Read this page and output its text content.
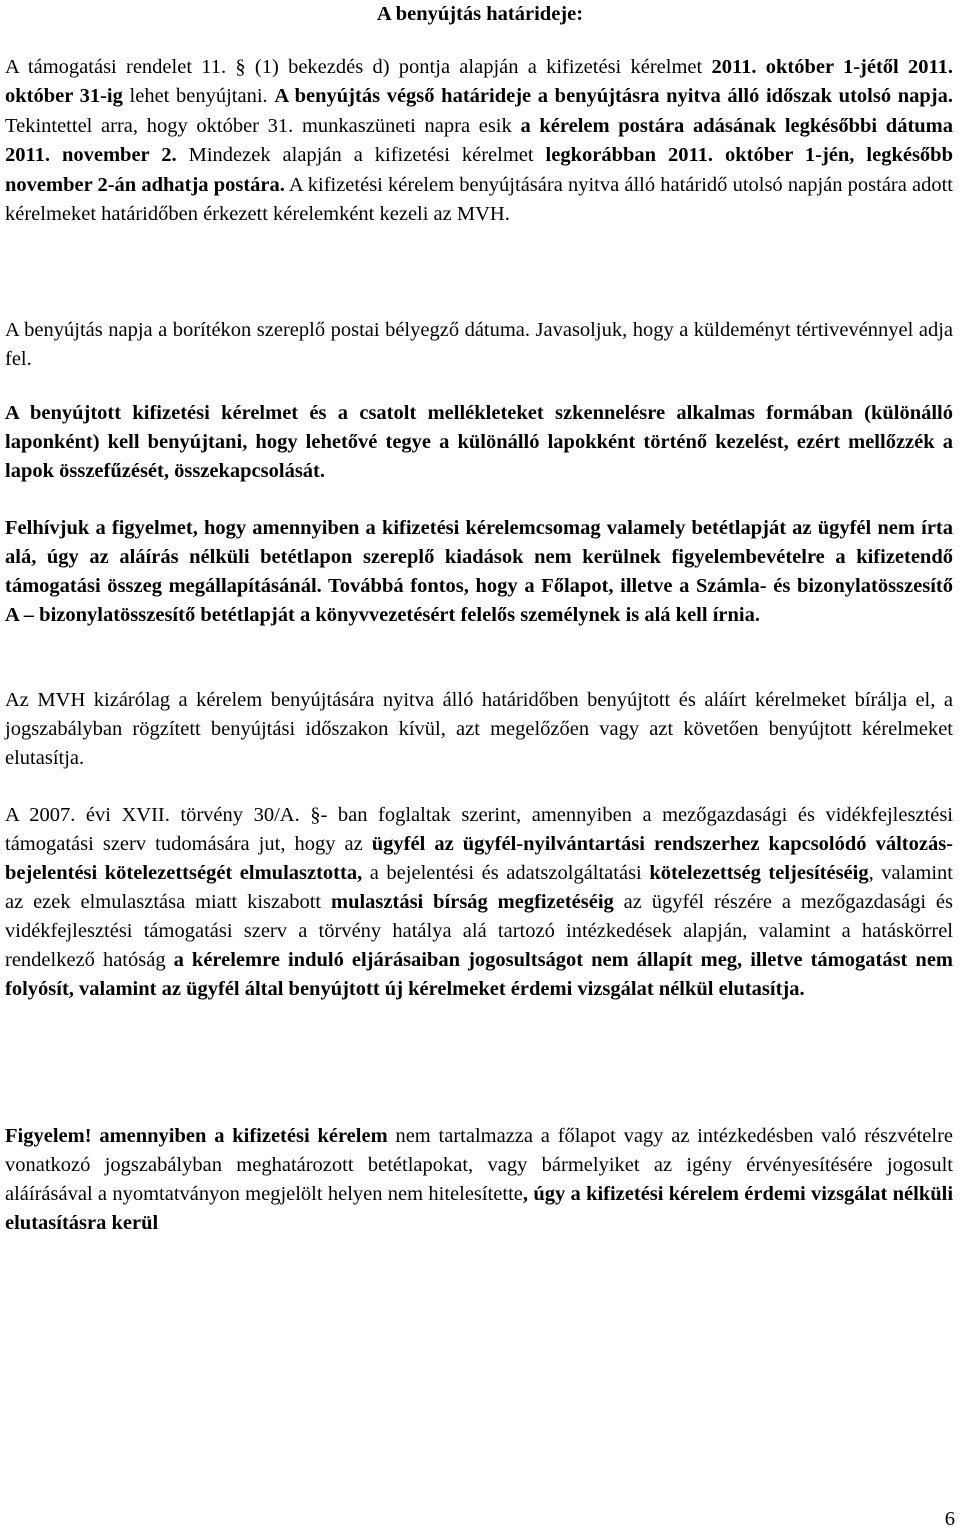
A benyújtás határideje:

A támogatási rendelet 11. § (1) bekezdés d) pontja alapján a kifizetési kérelmet 2011. október 1-jétől 2011. október 31-ig lehet benyújtani. A benyújtás végső határideje a benyújtásra nyitva álló időszak utolsó napja. Tekintettel arra, hogy október 31. munkaszüneti napra esik a kérelem postára adásának legkésőbbi dátuma 2011. november 2. Mindezek alapján a kifizetési kérelmet legkorábban 2011. október 1-jén, legkésőbb november 2-án adhatja postára. A kifizetési kérelem benyújtására nyitva álló határidő utolsó napján postára adott kérelmeket határidőben érkezett kérelemként kezeli az MVH.

A benyújtás napja a borítékon szereplő postai bélyegző dátuma. Javasoljuk, hogy a küldeményt tértivevénnyel adja fel.

A benyújtott kifizetési kérelmet és a csatolt mellékleteket szkennelésre alkalmas formában (különálló laponként) kell benyújtani, hogy lehetővé tegye a különálló lapokként történő kezelést, ezért mellőzzék a lapok összefűzését, összekapcsolását.

Felhívjuk a figyelmet, hogy amennyiben a kifizetési kérelemcsomag valamely betétlapját az ügyfél nem írta alá, úgy az aláírás nélküli betétlapon szereplő kiadások nem kerülnek figyelembevételre a kifizetendő támogatási összeg megállapításánál. Továbbá fontos, hogy a Főlapot, illetve a Számla- és bizonylatösszesítő A – bizonylatösszesítő betétlapját a könyvvezetésért felelős személynek is alá kell írnia.

Az MVH kizárólag a kérelem benyújtására nyitva álló határidőben benyújtott és aláírt kérelmeket bírálja el, a jogszabályban rögzített benyújtási időszakon kívül, azt megelőzően vagy azt követően benyújtott kérelmeket elutasítja.

A 2007. évi XVII. törvény 30/A. §- ban foglaltak szerint, amennyiben a mezőgazdasági és vidékfejlesztési támogatási szerv tudomására jut, hogy az ügyfél az ügyfél-nyilvántartási rendszerhez kapcsolódó változás-bejelentési kötelezettségét elmulasztotta, a bejelentési és adatszolgáltatási kötelezettség teljesítéséig, valamint az ezek elmulasztása miatt kiszabott mulasztási bírság megfizetéséig az ügyfél részére a mezőgazdasági és vidékfejlesztési támogatási szerv a törvény hatálya alá tartozó intézkedések alapján, valamint a hatáskörrel rendelkező hatóság a kérelemre induló eljárásaiban jogosultságot nem állapít meg, illetve támogatást nem folyósít, valamint az ügyfél által benyújtott új kérelmeket érdemi vizsgálat nélkül elutasítja.

Figyelem! amennyiben a kifizetési kérelem nem tartalmazza a főlapot vagy az intézkedésben való részvételre vonatkozó jogszabályban meghatározott betétlapokat, vagy bármelyiket az igény érvényesítésére jogosult aláírásával a nyomtatványon megjelölt helyen nem hitelesítette, úgy a kifizetési kérelem érdemi vizsgálat nélküli elutasításra kerül

6
